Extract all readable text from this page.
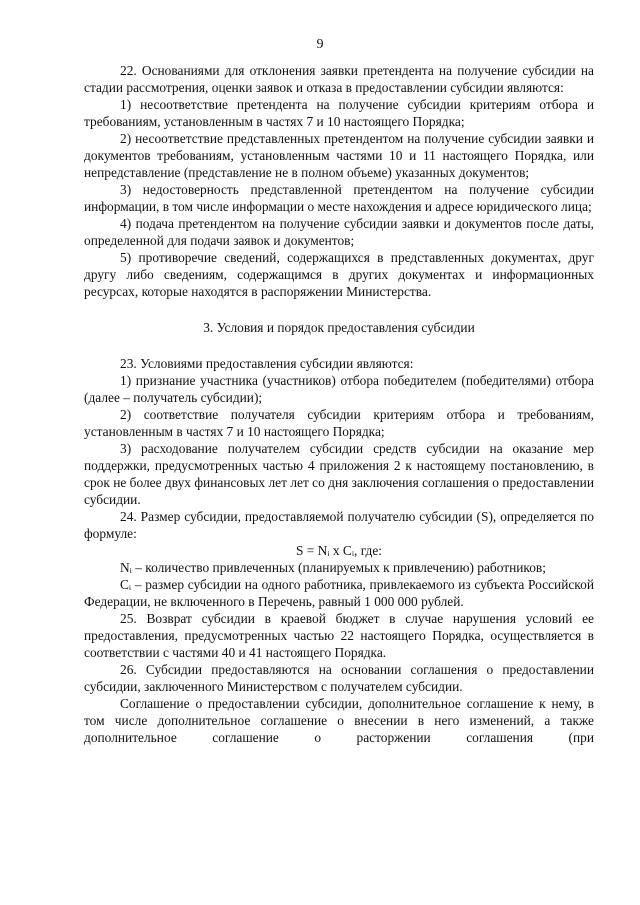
9

22. Основаниями для отклонения заявки претендента на получение субсидии на стадии рассмотрения, оценки заявок и отказа в предоставлении субсидии являются:

1) несоответствие претендента на получение субсидии критериям отбора и требованиям, установленным в частях 7 и 10 настоящего Порядка;

2) несоответствие представленных претендентом на получение субсидии заявки и документов требованиям, установленным частями 10 и 11 настоящего Порядка, или непредставление (представление не в полном объеме) указанных документов;

3) недостоверность представленной претендентом на получение субсидии информации, в том числе информации о месте нахождения и адресе юридического лица;

4) подача претендентом на получение субсидии заявки и документов после даты, определенной для подачи заявок и документов;

5) противоречие сведений, содержащихся в представленных документах, друг другу либо сведениям, содержащимся в других документах и информационных ресурсах, которые находятся в распоряжении Министерства.

3. Условия и порядок предоставления субсидии

23. Условиями предоставления субсидии являются:

1) признание участника (участников) отбора победителем (победителями) отбора (далее – получатель субсидии);

2) соответствие получателя субсидии критериям отбора и требованиям, установленным в частях 7 и 10 настоящего Порядка;

3) расходование получателем субсидии средств субсидии на оказание мер поддержки, предусмотренных частью 4 приложения 2 к настоящему постановлению, в срок не более двух финансовых лет лет со дня заключения соглашения о предоставлении субсидии.

24. Размер субсидии, предоставляемой получателю субсидии (S), определяется по формуле:

S = Nᵢ x Cᵢ, где:

Nᵢ – количество привлеченных (планируемых к привлечению) работников;

Cᵢ – размер субсидии на одного работника, привлекаемого из субъекта Российской Федерации, не включенного в Перечень, равный 1 000 000 рублей.

25. Возврат субсидии в краевой бюджет в случае нарушения условий ее предоставления, предусмотренных частью 22 настоящего Порядка, осуществляется в соответствии с частями 40 и 41 настоящего Порядка.

26. Субсидии предоставляются на основании соглашения о предоставлении субсидии, заключенного Министерством с получателем субсидии.

Соглашение о предоставлении субсидии, дополнительное соглашение к нему, в том числе дополнительное соглашение о внесении в него изменений, а также дополнительное соглашение о расторжении соглашения (при
